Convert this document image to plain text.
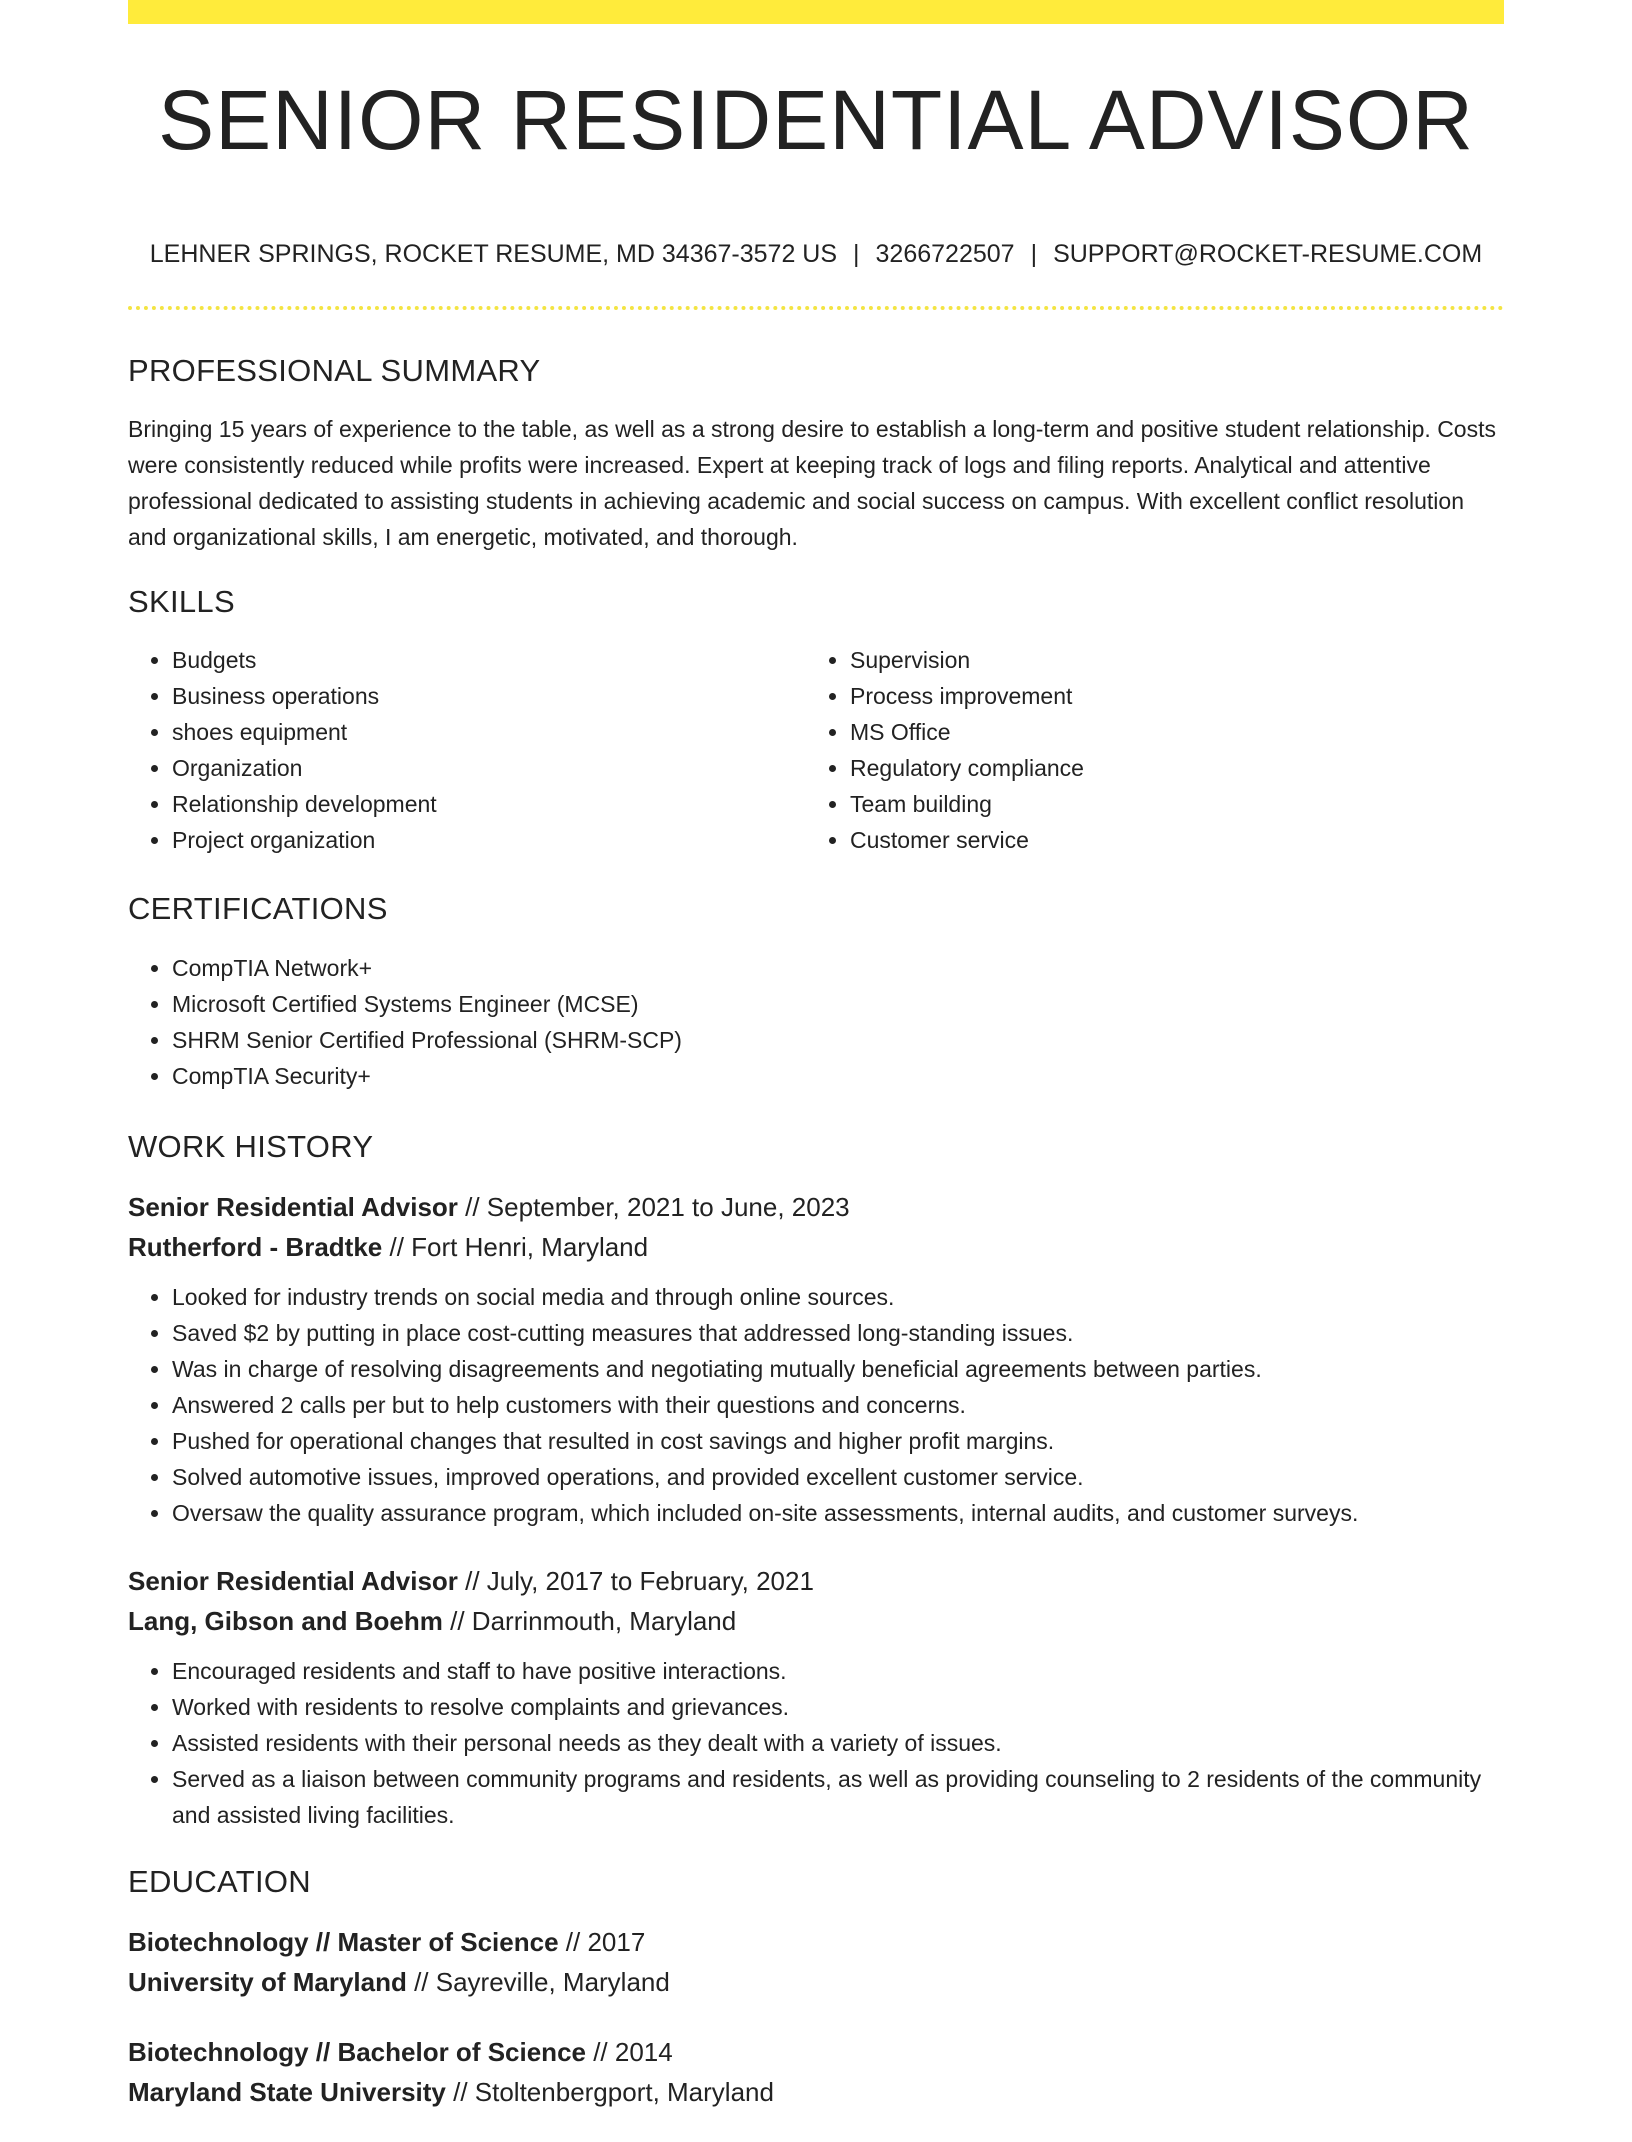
SENIOR RESIDENTIAL ADVISOR
LEHNER SPRINGS, ROCKET RESUME, MD 34367-3572 US | 3266722507 | SUPPORT@ROCKET-RESUME.COM
PROFESSIONAL SUMMARY

Bringing 15 years of experience to the table, as well as a strong desire to establish a long-term and positive student relationship. Costs were consistently reduced while profits were increased. Expert at keeping track of logs and filing reports. Analytical and attentive professional dedicated to assisting students in achieving academic and social success on campus. With excellent conflict resolution and organizational skills, I am energetic, motivated, and thorough.

SKILLS
• Budgets
• Business operations
• shoes equipment
• Organization
• Relationship development
• Project organization
• Supervision
• Process improvement
• MS Office
• Regulatory compliance
• Team building
• Customer service
CERTIFICATIONS
• CompTIA Network+
• Microsoft Certified Systems Engineer (MCSE)
• SHRM Senior Certified Professional (SHRM-SCP)
• CompTIA Security+
WORK HISTORY

Senior Residential Advisor // September, 2021 to June, 2023

Rutherford - Bradtke // Fort Henri, Maryland

• Looked for industry trends on social media and through online sources.
• Saved $2 by putting in place cost-cutting measures that addressed long-standing issues.
• Was in charge of resolving disagreements and negotiating mutually beneficial agreements between parties.
• Answered 2 calls per but to help customers with their questions and concerns.
• Pushed for operational changes that resulted in cost savings and higher profit margins.
• Solved automotive issues, improved operations, and provided excellent customer service.
• Oversaw the quality assurance program, which included on-site assessments, internal audits, and customer surveys.

Senior Residential Advisor // July, 2017 to February, 2021

Lang, Gibson and Boehm // Darrinmouth, Maryland

• Encouraged residents and staff to have positive interactions.
• Worked with residents to resolve complaints and grievances.
• Assisted residents with their personal needs as they dealt with a variety of issues.
• Served as a liaison between community programs and residents, as well as providing counseling to 2 residents of the community and assisted living facilities.
EDUCATION

Biotechnology // Master of Science // 2017

University of Maryland // Sayreville, Maryland

Biotechnology // Bachelor of Science // 2014

Maryland State University // Stoltenbergport, Maryland
